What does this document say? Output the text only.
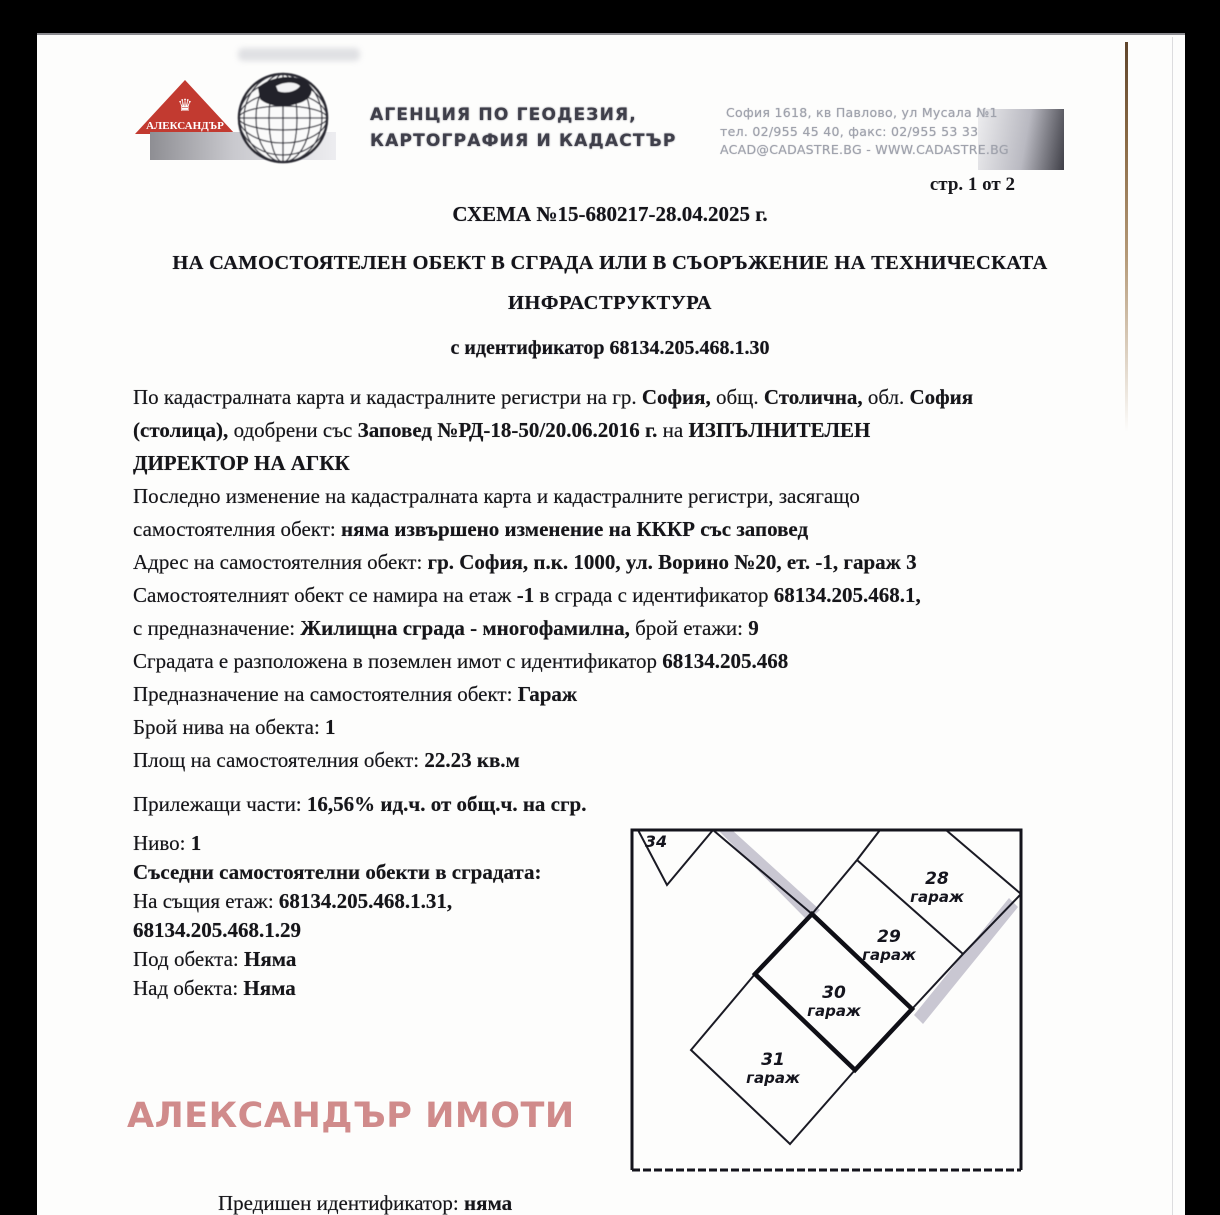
♛
АЛЕКСАНДЪР
АГЕНЦИЯ ПО ГЕОДЕЗИЯ,
КАРТОГРАФИЯ И КАДАСТЪР
София 1618, кв Павлово, ул Мусала №1
тел. 02/955 45 40, факс: 02/955 53 33
ACAD@CADASTRE.BG - WWW.CADASTRE.BG
стр. 1 от 2
СХЕМА №15-680217-28.04.2025 г.
НА САМОСТОЯТЕЛЕН ОБЕКТ В СГРАДА ИЛИ В СЪОРЪЖЕНИЕ НА ТЕХНИЧЕСКАТА
ИНФРАСТРУКТУРА
с идентификатор 68134.205.468.1.30
По кадастралната карта и кадастралните регистри на гр. София, общ. Столична, обл. София
(столица), одобрени със Заповед №РД-18-50/20.06.2016 г. на ИЗПЪЛНИТЕЛЕН
ДИРЕКТОР НА АГКК
Последно изменение на кадастралната карта и кадастралните регистри, засягащо
самостоятелния обект: няма извършено изменение на КККР със заповед
Адрес на самостоятелния обект: гр. София, п.к. 1000, ул. Ворино №20, ет. -1, гараж 3
Самостоятелният обект се намира на етаж -1 в сграда с идентификатор 68134.205.468.1,
с предназначение: Жилищна сграда - многофамилна, брой етажи: 9
Сградата е разположена в поземлен имот с идентификатор 68134.205.468
Предназначение на самостоятелния обект: Гараж
Брой нива на обекта: 1
Площ на самостоятелния обект: 22.23 кв.м
Прилежащи части: 16,56% ид.ч. от общ.ч. на сгр.
Ниво: 1
Съседни самостоятелни обекти в сградата:
На същия етаж: 68134.205.468.1.31,
68134.205.468.1.29
Под обекта: Няма
Над обекта: Няма
34
28
гараж
29
гараж
30
гараж
31
гараж
АЛЕКСАНДЪР ИМОТИ
Предишен идентификатор: няма
